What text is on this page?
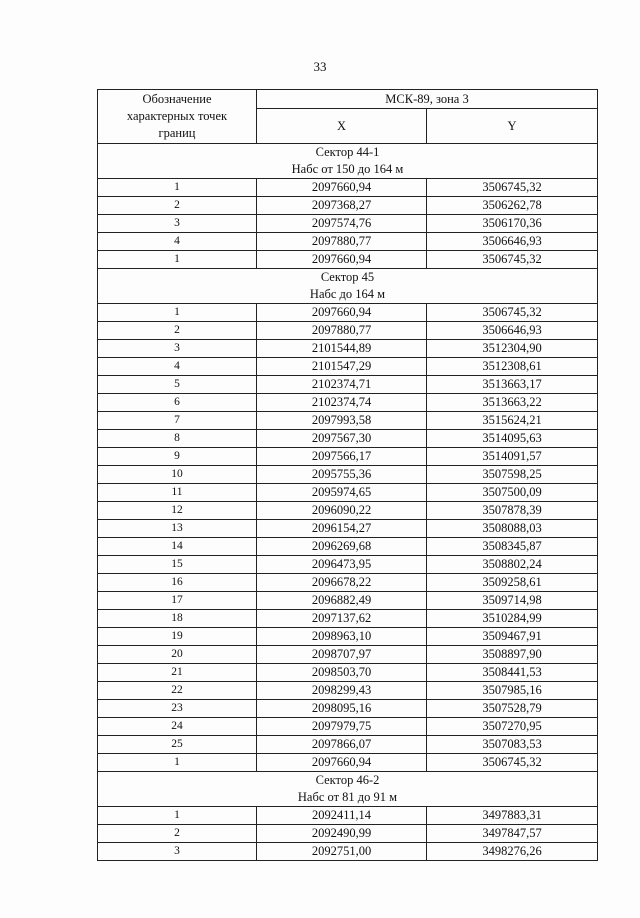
33
Обозначение характерных точек границ	МСК-89, зона 3	
	X	Y

Сектор 44-1
Набс от 150 до 164 м		

1	2097660,94	3506745,32
2	2097368,27	3506262,78
3	2097574,76	3506170,36
4	2097880,77	3506646,93
1	2097660,94	3506745,32

Сектор 45
Набс до 164 м		

1	2097660,94	3506745,32
2	2097880,77	3506646,93
3	2101544,89	3512304,90
4	2101547,29	3512308,61
5	2102374,71	3513663,17
6	2102374,74	3513663,22
7	2097993,58	3515624,21
8	2097567,30	3514095,63
9	2097566,17	3514091,57
10	2095755,36	3507598,25
11	2095974,65	3507500,09
12	2096090,22	3507878,39
13	2096154,27	3508088,03
14	2096269,68	3508345,87
15	2096473,95	3508802,24
16	2096678,22	3509258,61
17	2096882,49	3509714,98
18	2097137,62	3510284,99
19	2098963,10	3509467,91
20	2098707,97	3508897,90
21	2098503,70	3508441,53
22	2098299,43	3507985,16
23	2098095,16	3507528,79
24	2097979,75	3507270,95
25	2097866,07	3507083,53
1	2097660,94	3506745,32

Сектор 46-2
Набс от 81 до 91 м		

1	2092411,14	3497883,31
2	2092490,99	3497847,57
3	2092751,00	3498276,26
